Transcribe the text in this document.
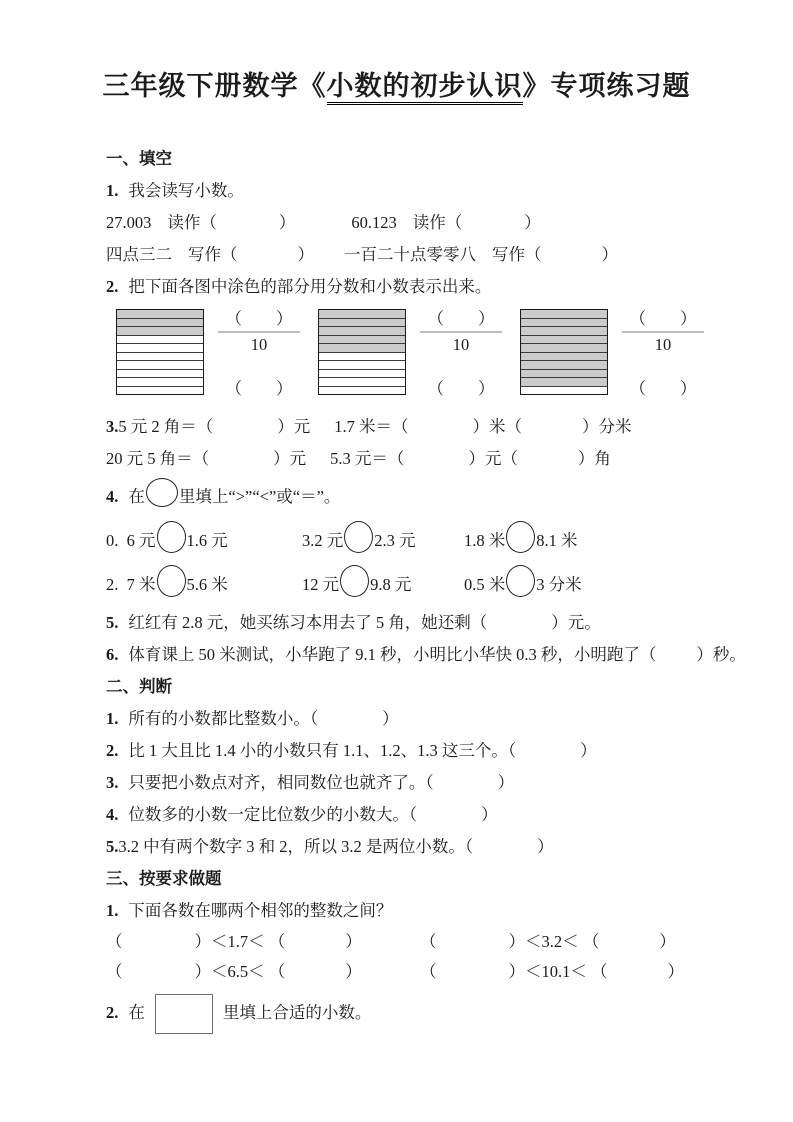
三年级下册数学《小数的初步认识》专项练习题
一、填空
1. 我会读写小数。
27.003 读作（	）	60.123 读作（	）
四点三二 写作（	） 一百二十点零零八 写作（	）
2. 把下面各图中涂色的部分用分数和小数表示出来。
$\frac{( )}{10}$
（ ）
$\frac{( )}{10}$
（ ）
$\frac{( )}{10}$
（ ）
3.5 元 2 角＝（	）元 1.7 米＝（	）米（	）分米
20 元 5 角＝（	）元 5.3 元＝（	）元（	）角
4. 在 里填上“>”“<”或“＝”。
0.  6 元 1.6 元	3.2 元 2.3 元	1.8 米 8.1 米
2.  7 米 5.6 米	12 元 9.8 元	0.5 米 3 分米
5. 红红有 2.8 元，她买练习本用去了 5 角，她还剩（	）元。
6. 体育课上 50 米测试，小华跑了 9.1 秒，小明比小华快 0.3 秒，小明跑了（ ）秒。
二、判断
1. 所有的小数都比整数小。（	）
2. 比 1 大且比 1.4 小的小数只有 1.1、1.2、1.3 这三个。（	）
3. 只要把小数点对齐，相同数位也就齐了。（	）
4. 位数多的小数一定比位数少的小数大。（	）
5.3.2 中有两个数字 3 和 2，所以 3.2 是两位小数。（	）
三、按要求做题
1. 下面各数在哪两个相邻的整数之间？
（	）＜1.7＜ （	）	（	）＜3.2＜ （	）
（	）＜6.5＜ （	）	（	）＜10.1＜ （	）
2. 在	里填上合适的小数。
